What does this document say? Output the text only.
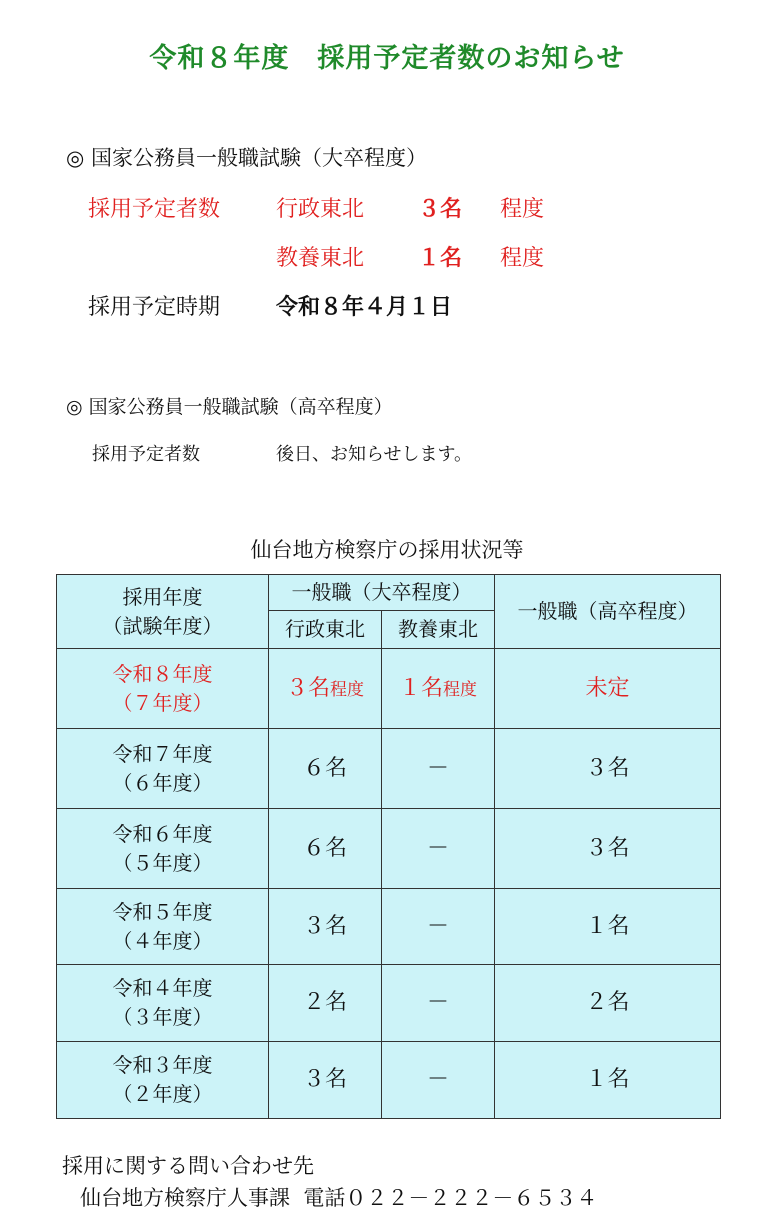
令和８年度　採用予定者数のお知らせ
◎ 国家公務員一般職試験（大卒程度）
採用予定者数	行政東北 ３名 程度
教養東北 １名 程度
採用予定時期	令和８年４月１日
◎ 国家公務員一般職試験（高卒程度）
採用予定者数	後日、お知らせします。
仙台地方検察庁の採用状況等
採用年度
（試験年度）	一般職（大卒程度）		一般職（高卒程度）
	行政東北	教養東北	

令和８年度
（７年度）	３名程度	１名程度	未定

令和７年度
（６年度）	６名	－	３名

令和６年度
（５年度）	６名	－	３名

令和５年度
（４年度）	３名	－	１名

令和４年度
（３年度）	２名	－	２名

令和３年度
（２年度）	３名	－	１名
採用に関する問い合わせ先
仙台地方検察庁人事課 電話０２２－２２２－６５３４
